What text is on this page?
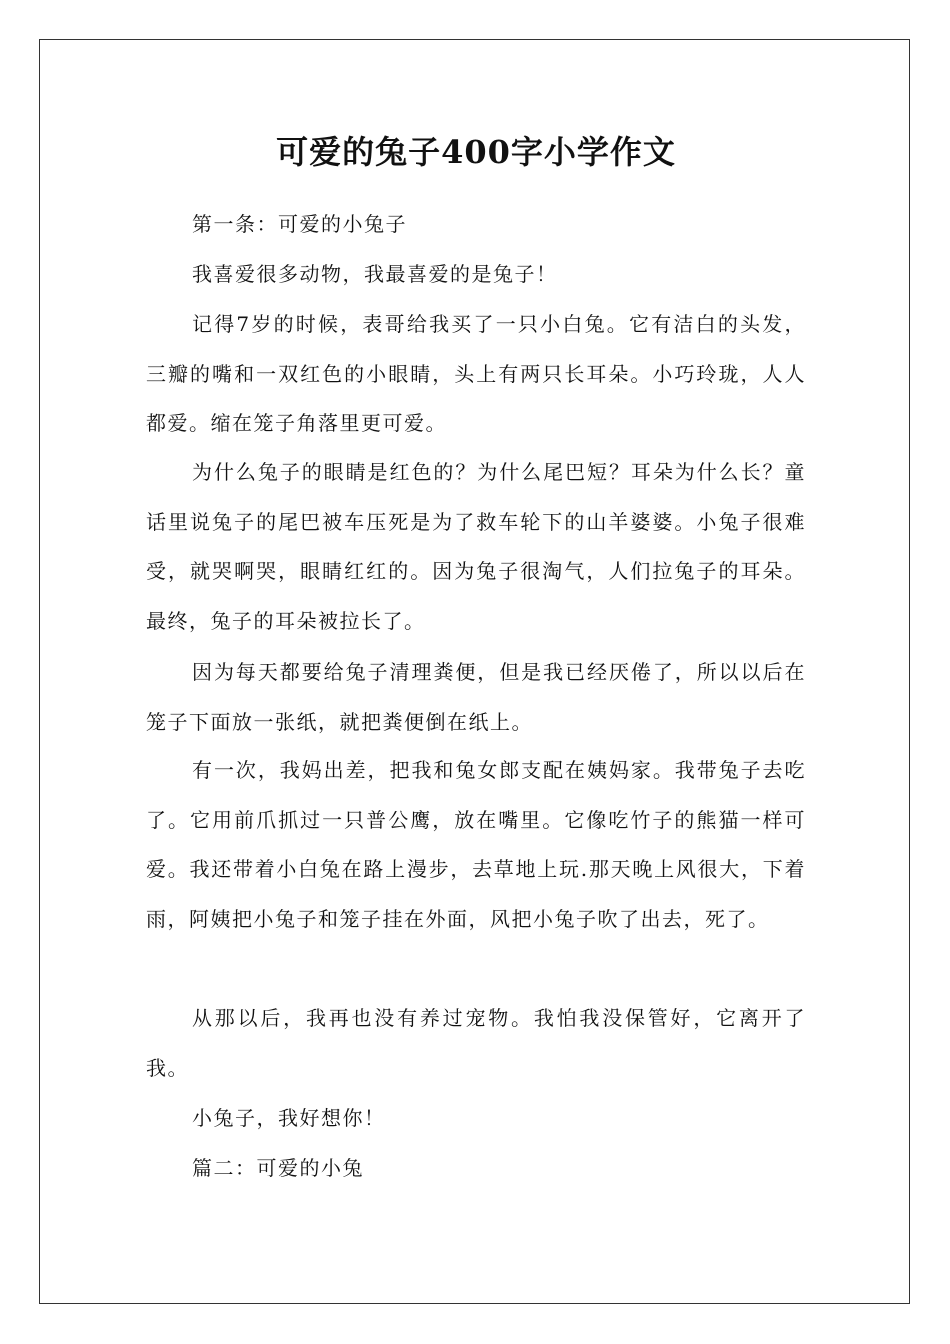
可爱的兔子400字小学作文

第一条：可爱的小兔子

我喜爱很多动物，我最喜爱的是兔子！

记得7岁的时候，表哥给我买了一只小白兔。它有洁白的头发，三瓣的嘴和一双红色的小眼睛，头上有两只长耳朵。小巧玲珑，人人都爱。缩在笼子角落里更可爱。

为什么兔子的眼睛是红色的？为什么尾巴短？耳朵为什么长？童话里说兔子的尾巴被车压死是为了救车轮下的山羊婆婆。小兔子很难受，就哭啊哭，眼睛红红的。因为兔子很淘气，人们拉兔子的耳朵。最终，兔子的耳朵被拉长了。

因为每天都要给兔子清理粪便，但是我已经厌倦了，所以以后在笼子下面放一张纸，就把粪便倒在纸上。

有一次，我妈出差，把我和兔女郎支配在姨妈家。我带兔子去吃了。它用前爪抓过一只普公鹰，放在嘴里。它像吃竹子的熊猫一样可爱。我还带着小白兔在路上漫步，去草地上玩.那天晚上风很大，下着雨，阿姨把小兔子和笼子挂在外面，风把小兔子吹了出去，死了。

从那以后，我再也没有养过宠物。我怕我没保管好，它离开了我。

小兔子，我好想你！

篇二：可爱的小兔
